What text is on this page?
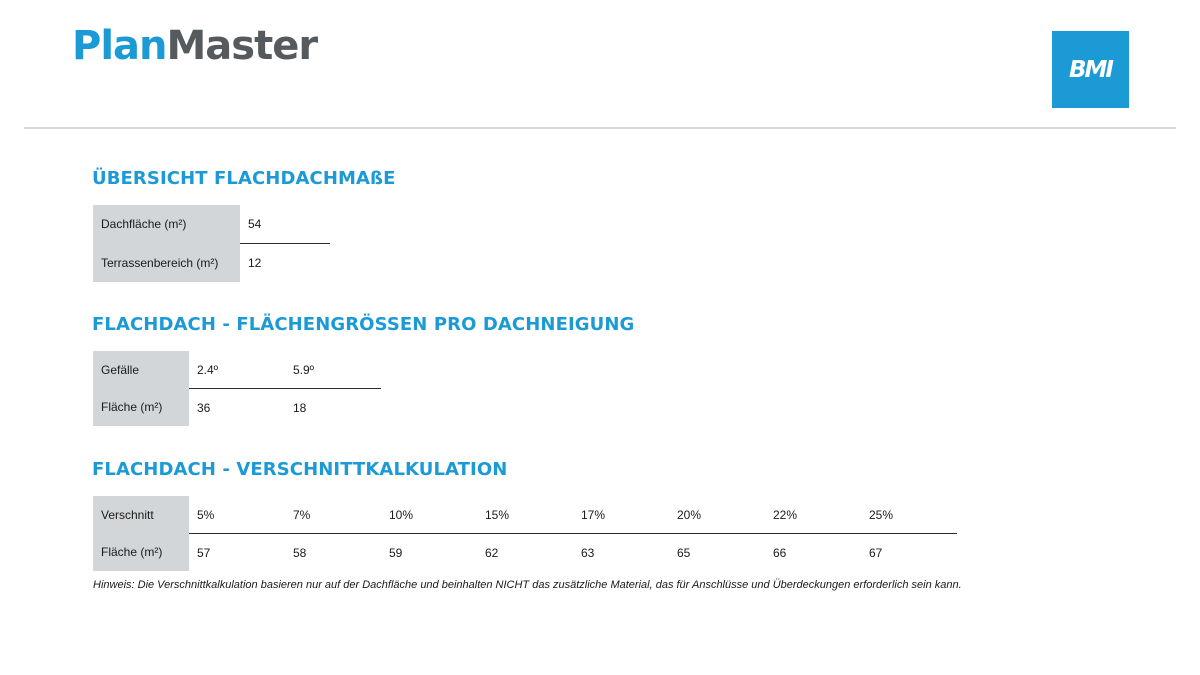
PlanMaster
BMI
ÜBERSICHT FLACHDACHMAßE
Dachfläche (m²)	54
Terrassenbereich (m²)	12
FLACHDACH - FLÄCHENGRÖSSEN PRO DACHNEIGUNG
Gefälle	2.4º	5.9º
Fläche (m²)	36	18
FLACHDACH - VERSCHNITTKALKULATION
Verschnitt	5%	7%	10%	15%	17%	20%	22%	25%
Fläche (m²)	57	58	59	62	63	65	66	67

Hinweis: Die Verschnittkalkulation basieren nur auf der Dachfläche und beinhalten NICHT das zusätzliche Material, das für Anschlüsse und Überdeckungen erforderlich sein kann.
